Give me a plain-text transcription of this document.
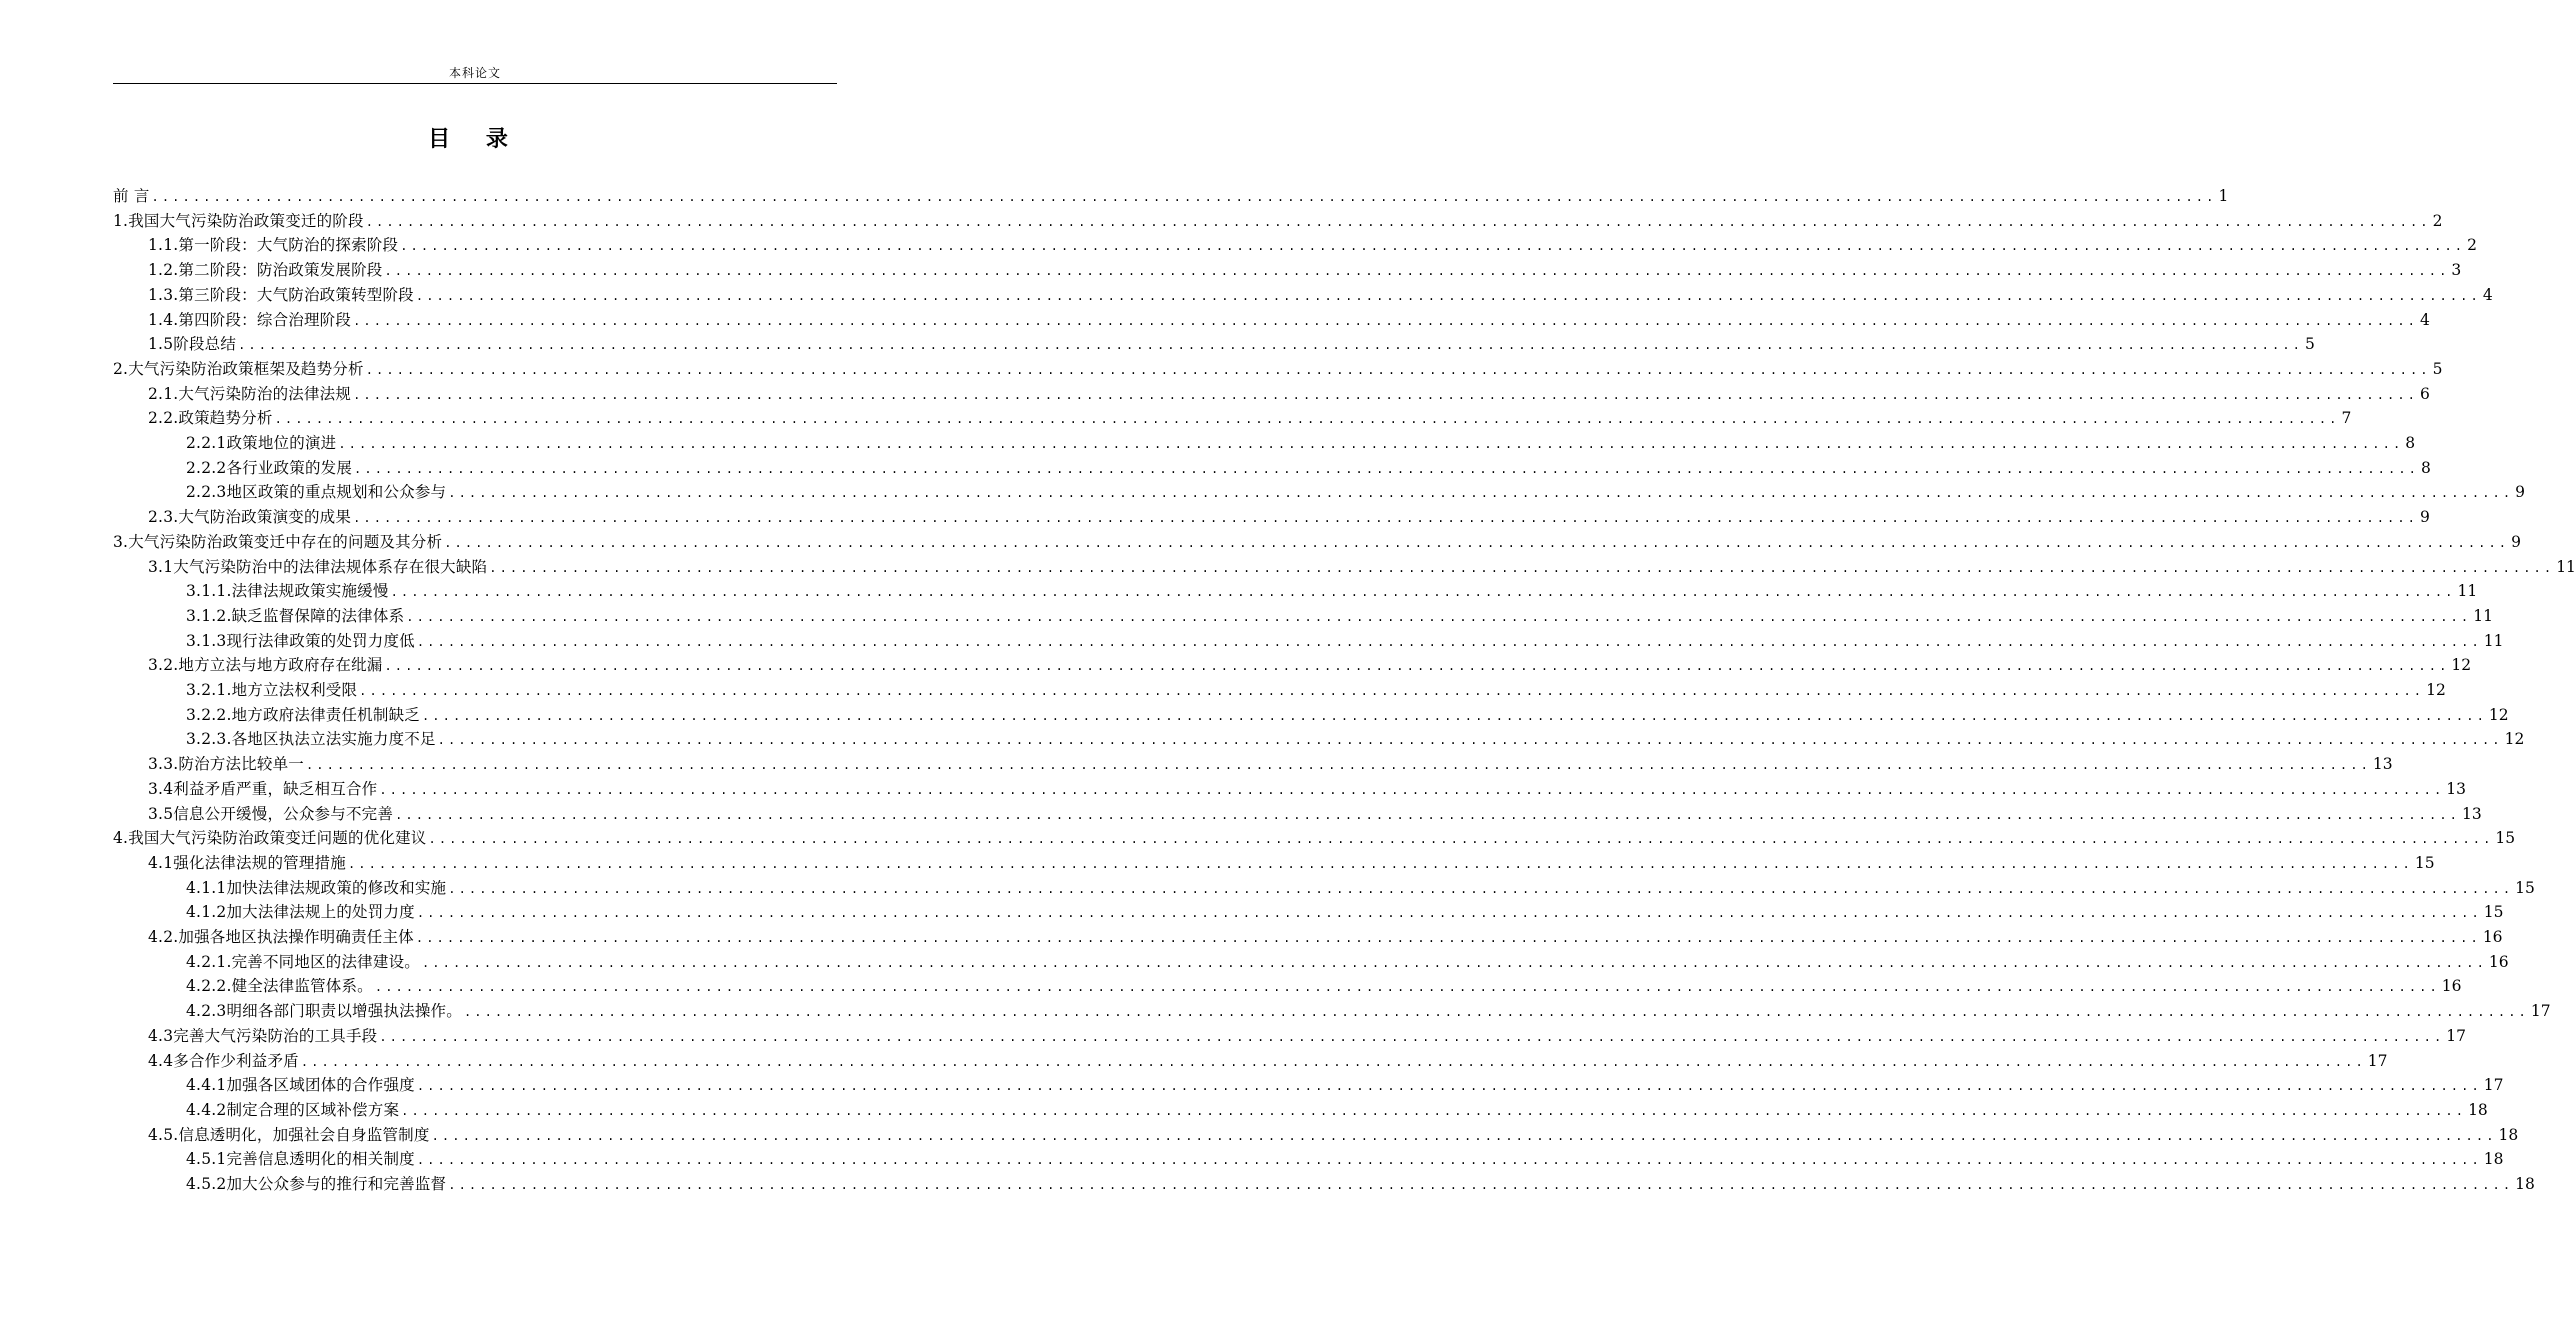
本科论文
目 录
前 言 ........................................................................................................................................................................................................ 1
1.我国大气污染防治政策变迁的阶段 ........................................................................................................................................................................................................ 2
1.1.第一阶段：大气防治的探索阶段 ........................................................................................................................................................................................................ 2
1.2.第二阶段：防治政策发展阶段 ........................................................................................................................................................................................................ 3
1.3.第三阶段：大气防治政策转型阶段 ........................................................................................................................................................................................................ 4
1.4.第四阶段：综合治理阶段 ........................................................................................................................................................................................................ 4
1.5阶段总结 ........................................................................................................................................................................................................ 5
2.大气污染防治政策框架及趋势分析 ........................................................................................................................................................................................................ 5
2.1.大气污染防治的法律法规 ........................................................................................................................................................................................................ 6
2.2.政策趋势分析 ........................................................................................................................................................................................................ 7
2.2.1政策地位的演进 ........................................................................................................................................................................................................ 8
2.2.2各行业政策的发展 ........................................................................................................................................................................................................ 8
2.2.3地区政策的重点规划和公众参与 ........................................................................................................................................................................................................ 9
2.3.大气防治政策演变的成果 ........................................................................................................................................................................................................ 9
3.大气污染防治政策变迁中存在的问题及其分析 ........................................................................................................................................................................................................ 9
3.1大气污染防治中的法律法规体系存在很大缺陷 ........................................................................................................................................................................................................ 11
3.1.1.法律法规政策实施缓慢 ........................................................................................................................................................................................................ 11
3.1.2.缺乏监督保障的法律体系 ........................................................................................................................................................................................................ 11
3.1.3现行法律政策的处罚力度低 ........................................................................................................................................................................................................ 11
3.2.地方立法与地方政府存在纰漏 ........................................................................................................................................................................................................ 12
3.2.1.地方立法权利受限 ........................................................................................................................................................................................................ 12
3.2.2.地方政府法律责任机制缺乏 ........................................................................................................................................................................................................ 12
3.2.3.各地区执法立法实施力度不足 ........................................................................................................................................................................................................ 12
3.3.防治方法比较单一 ........................................................................................................................................................................................................ 13
3.4利益矛盾严重，缺乏相互合作 ........................................................................................................................................................................................................ 13
3.5信息公开缓慢，公众参与不完善 ........................................................................................................................................................................................................ 13
4.我国大气污染防治政策变迁问题的优化建议 ........................................................................................................................................................................................................ 15
4.1强化法律法规的管理措施 ........................................................................................................................................................................................................ 15
4.1.1加快法律法规政策的修改和实施 ........................................................................................................................................................................................................ 15
4.1.2加大法律法规上的处罚力度 ........................................................................................................................................................................................................ 15
4.2.加强各地区执法操作明确责任主体 ........................................................................................................................................................................................................ 16
4.2.1.完善不同地区的法律建设。 ........................................................................................................................................................................................................ 16
4.2.2.健全法律监管体系。 ........................................................................................................................................................................................................ 16
4.2.3明细各部门职责以增强执法操作。 ........................................................................................................................................................................................................ 17
4.3完善大气污染防治的工具手段 ........................................................................................................................................................................................................ 17
4.4多合作少利益矛盾 ........................................................................................................................................................................................................ 17
4.4.1加强各区域团体的合作强度 ........................................................................................................................................................................................................ 17
4.4.2制定合理的区域补偿方案 ........................................................................................................................................................................................................ 18
4.5.信息透明化，加强社会自身监管制度 ........................................................................................................................................................................................................ 18
4.5.1完善信息透明化的相关制度 ........................................................................................................................................................................................................ 18
4.5.2加大公众参与的推行和完善监督 ........................................................................................................................................................................................................ 18
